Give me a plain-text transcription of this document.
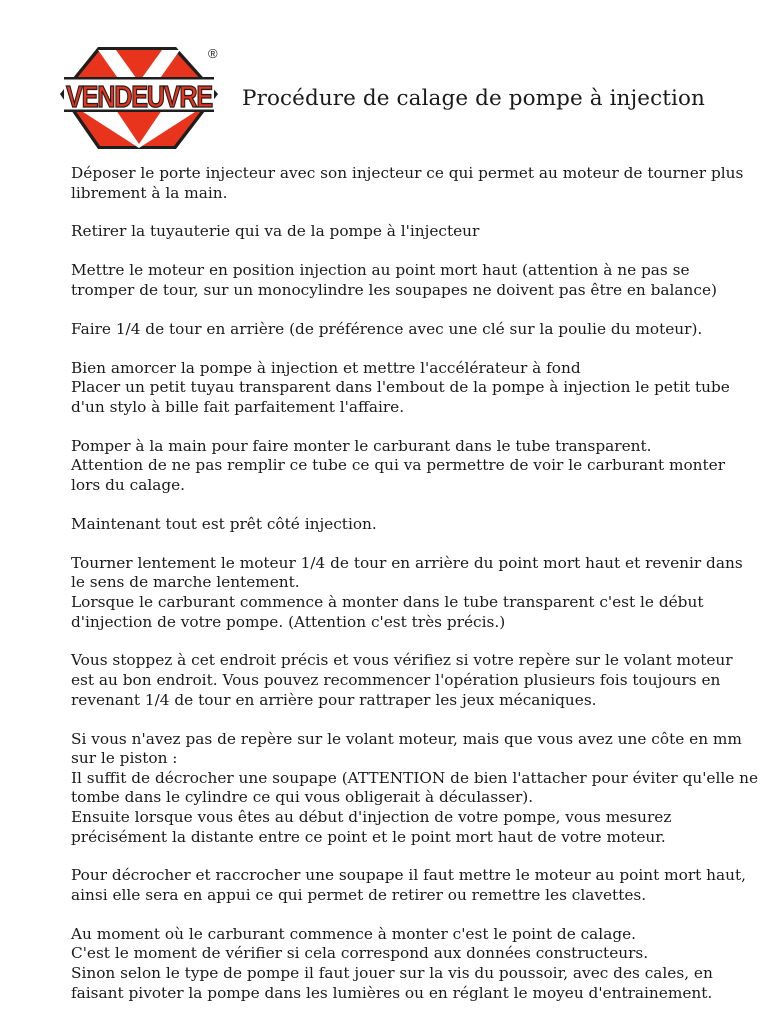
VENDEUVRE
®
Procédure de calage de pompe à injection
Déposer le porte injecteur avec son injecteur ce qui permet au moteur de tourner plus
librement à la main.
Retirer la tuyauterie qui va de la pompe à l'injecteur
Mettre le moteur en position injection au point mort haut (attention à ne pas se
tromper de tour, sur un monocylindre les soupapes ne doivent pas être en balance)
Faire 1/4 de tour en arrière (de préférence avec une clé sur la poulie du moteur).
Bien amorcer la pompe à injection et mettre l'accélérateur à fond
Placer un petit tuyau transparent dans l'embout de la pompe à injection le petit tube
d'un stylo à bille fait parfaitement l'affaire.
Pomper à la main pour faire monter le carburant dans le tube transparent.
Attention de ne pas remplir ce tube ce qui va permettre de voir le carburant monter
lors du calage.
Maintenant tout est prêt côté injection.
Tourner lentement le moteur 1/4 de tour en arrière du point mort haut et revenir dans
le sens de marche lentement.
Lorsque le carburant commence à monter dans le tube transparent c'est le début
d'injection de votre pompe. (Attention c'est très précis.)
Vous stoppez à cet endroit précis et vous vérifiez si votre repère sur le volant moteur
est au bon endroit. Vous pouvez recommencer l'opération plusieurs fois toujours en
revenant 1/4 de tour en arrière pour rattraper les jeux mécaniques.
Si vous n'avez pas de repère sur le volant moteur, mais que vous avez une côte en mm
sur le piston :
Il suffit de décrocher une soupape (ATTENTION de bien l'attacher pour éviter qu'elle ne
tombe dans le cylindre ce qui vous obligerait à déculasser).
Ensuite lorsque vous êtes au début d'injection de votre pompe, vous mesurez
précisément la distante entre ce point et le point mort haut de votre moteur.
Pour décrocher et raccrocher une soupape il faut mettre le moteur au point mort haut,
ainsi elle sera en appui ce qui permet de retirer ou remettre les clavettes.
Au moment où le carburant commence à monter c'est le point de calage.
C'est le moment de vérifier si cela correspond aux données constructeurs.
Sinon selon le type de pompe il faut jouer sur la vis du poussoir, avec des cales, en
faisant pivoter la pompe dans les lumières ou en réglant le moyeu d'entrainement.
